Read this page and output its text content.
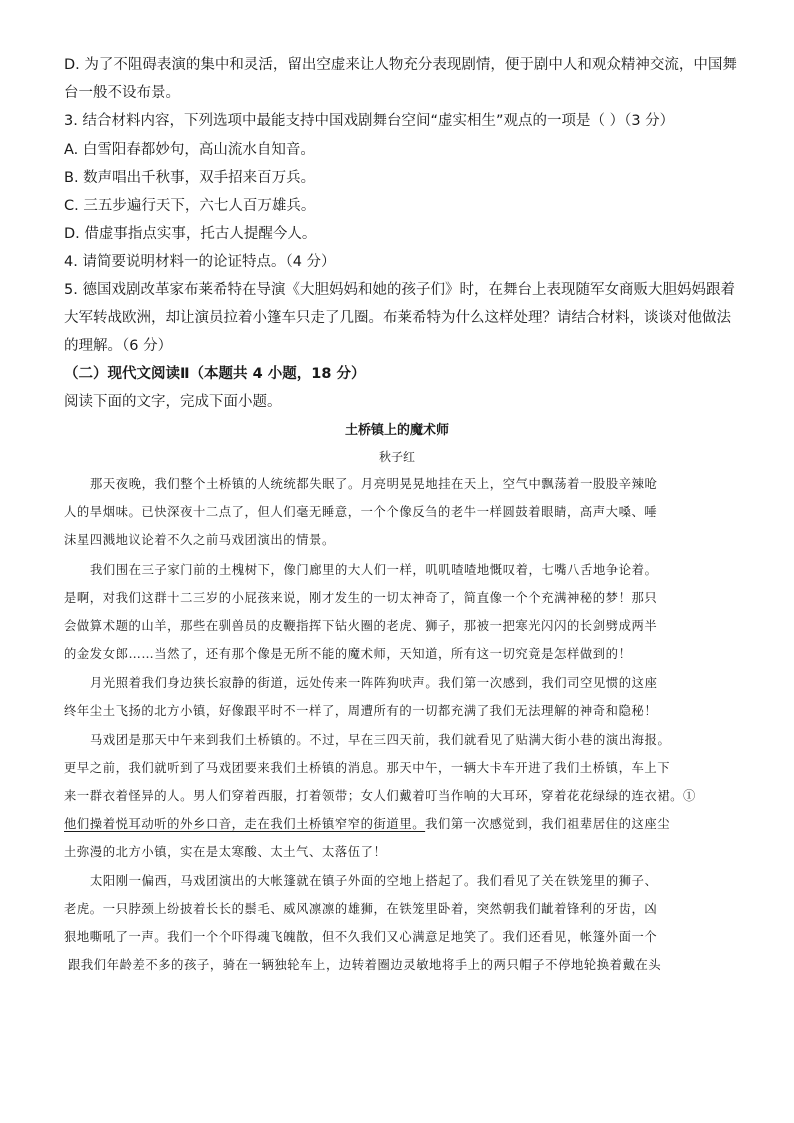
D. 为了不阻碍表演的集中和灵活，留出空虚来让人物充分表现剧情，便于剧中人和观众精神交流，中国舞
台一般不设布景。
3. 结合材料内容，下列选项中最能支持中国戏剧舞台空间“虚实相生”观点的一项是（ ）（3 分）
A. 白雪阳春都妙句，高山流水自知音。
B. 数声唱出千秋事，双手招来百万兵。
C. 三五步遍行天下，六七人百万雄兵。
D. 借虚事指点实事，托古人提醒今人。
4. 请简要说明材料一的论证特点。（4 分）
5. 德国戏剧改革家布莱希特在导演《大胆妈妈和她的孩子们》时，在舞台上表现随军女商贩大胆妈妈跟着
大军转战欧洲，却让演员拉着小篷车只走了几圈。布莱希特为什么这样处理？请结合材料，谈谈对他做法
的理解。（6 分）
（二）现代文阅读Ⅱ（本题共 4 小题，18 分）
阅读下面的文字，完成下面小题。
土桥镇上的魔术师
秋子红
那天夜晚，我们整个土桥镇的人统统都失眠了。月亮明晃晃地挂在天上，空气中飘荡着一股股辛辣呛
人的旱烟味。已快深夜十二点了，但人们毫无睡意，一个个像反刍的老牛一样圆鼓着眼睛，高声大嗓、唾
沫星四溅地议论着不久之前马戏团演出的情景。
我们围在三子家门前的土槐树下，像门廊里的大人们一样，叽叽喳喳地慨叹着，七嘴八舌地争论着。
是啊，对我们这群十二三岁的小屁孩来说，刚才发生的一切太神奇了，简直像一个个充满神秘的梦！那只
会做算术题的山羊，那些在驯兽员的皮鞭指挥下钻火圈的老虎、狮子，那被一把寒光闪闪的长剑劈成两半
的金发女郎……当然了，还有那个像是无所不能的魔术师，天知道，所有这一切究竟是怎样做到的！
月光照着我们身边狭长寂静的街道，远处传来一阵阵狗吠声。我们第一次感到，我们司空见惯的这座
终年尘土飞扬的北方小镇，好像跟平时不一样了，周遭所有的一切都充满了我们无法理解的神奇和隐秘！
马戏团是那天中午来到我们土桥镇的。不过，早在三四天前，我们就看见了贴满大街小巷的演出海报。
更早之前，我们就听到了马戏团要来我们土桥镇的消息。那天中午，一辆大卡车开进了我们土桥镇，车上下
来一群衣着怪异的人。男人们穿着西服，打着领带；女人们戴着叮当作响的大耳环，穿着花花绿绿的连衣裙。①
他们操着悦耳动听的外乡口音，走在我们土桥镇窄窄的街道里。我们第一次感觉到，我们祖辈居住的这座尘
土弥漫的北方小镇，实在是太寒酸、太土气、太落伍了！
太阳刚一偏西，马戏团演出的大帐篷就在镇子外面的空地上搭起了。我们看见了关在铁笼里的狮子、
老虎。一只脖颈上纷披着长长的鬃毛、威风凛凛的雄狮，在铁笼里卧着，突然朝我们龇着锋利的牙齿，凶
狠地嘶吼了一声。我们一个个吓得魂飞魄散，但不久我们又心满意足地笑了。我们还看见，帐篷外面一个
跟我们年龄差不多的孩子，骑在一辆独轮车上，边转着圈边灵敏地将手上的两只帽子不停地轮换着戴在头
